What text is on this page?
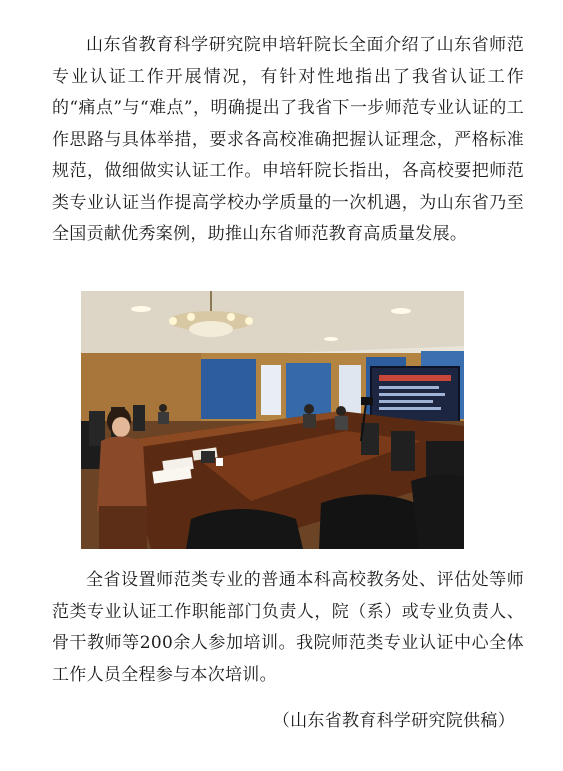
山东省教育科学研究院申培轩院长全面介绍了山东省师范专业认证工作开展情况，有针对性地指出了我省认证工作的“痛点”与“难点”，明确提出了我省下一步师范专业认证的工作思路与具体举措，要求各高校准确把握认证理念，严格标准规范，做细做实认证工作。申培轩院长指出，各高校要把师范类专业认证当作提高学校办学质量的一次机遇，为山东省乃至全国贡献优秀案例，助推山东省师范教育高质量发展。

全省设置师范类专业的普通本科高校教务处、评估处等师范类专业认证工作职能部门负责人，院（系）或专业负责人、骨干教师等200余人参加培训。我院师范类专业认证中心全体工作人员全程参与本次培训。

（山东省教育科学研究院供稿）
